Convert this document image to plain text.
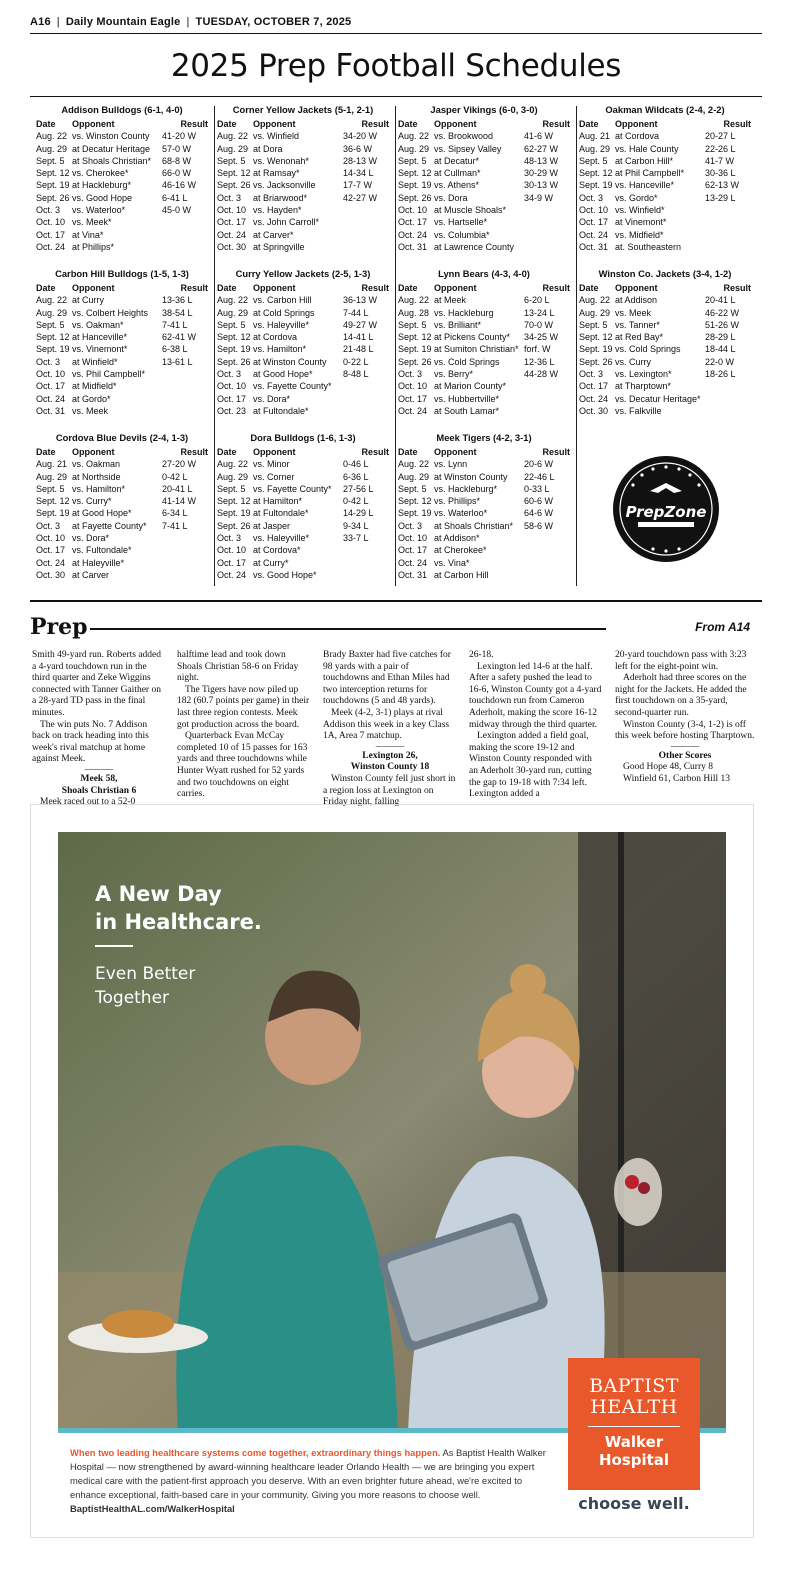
A16 | Daily Mountain Eagle | TUESDAY, OCTOBER 7, 2025
2025 Prep Football Schedules
Addison Bulldogs (6-1, 4-0)
Date	Opponent	Result
Aug. 22 vs. Winston County	41-20 W
Aug. 29 at Decatur Heritage	57-0 W
Sept. 5 at Shoals Christian*	68-8 W
Sept. 12 vs. Cherokee*	66-0 W
Sept. 19 at Hackleburg*	46-16 W
Sept. 26 vs. Good Hope	6-41 L
Oct. 3	vs. Waterloo*	45-0 W
Oct. 10 vs. Meek*
Oct. 17 at Vina*
Oct. 24 at Phillips*
Carbon Hill Bulldogs (1-5, 1-3)
Date	Opponent	Result
Aug. 22 at Curry	13-36 L
Aug. 29 vs. Colbert Heights	38-54 L
Sept. 5 vs. Oakman*	7-41 L
Sept. 12 at Hanceville*	62-41 W
Sept. 19 vs. Vinemont*	6-38 L
Oct. 3	at Winfield*	13-61 L
Oct. 10 vs. Phil Campbell*
Oct. 17 at Midfield*
Oct. 24 at Gordo*
Oct. 31 vs. Meek
Cordova Blue Devils (2-4, 1-3)
Date	Opponent	Result
Aug. 21 vs. Oakman	27-20 W
Aug. 29 at Northside	0-42 L
Sept. 5 vs. Hamilton*	20-41 L
Sept. 12 vs. Curry*	41-14 W
Sept. 19 at Good Hope*	6-34 L
Oct. 3	at Fayette County*	7-41 L
Oct. 10 vs. Dora*
Oct. 17 vs. Fultondale*
Oct. 24 at Haleyville*
Oct. 30 at Carver
Corner Yellow Jackets (5-1, 2-1)
Date	Opponent	Result
Aug. 22 vs. Winfield	34-20 W
Aug. 29 at Dora	36-6 W
Sept. 5 vs. Wenonah*	28-13 W
Sept. 12 at Ramsay*	14-34 L
Sept. 26 vs. Jacksonville	17-7 W
Oct. 3	at Briarwood*	42-27 W
Oct. 10 vs. Hayden*
Oct. 17 vs. John Carroll*
Oct. 24 at Carver*
Oct. 30 at Springville
Curry Yellow Jackets (2-5, 1-3)
Date	Opponent	Result
Aug. 22 vs. Carbon Hill	36-13 W
Aug. 29 at Cold Springs	7-44 L
Sept. 5 vs. Haleyville*	49-27 W
Sept. 12 at Cordova	14-41 L
Sept. 19 vs. Hamilton*	21-48 L
Sept. 26 at Winston County	0-22 L
Oct. 3	at Good Hope*	8-48 L
Oct. 10 vs. Fayette County*
Oct. 17 vs. Dora*
Oct. 23 at Fultondale*
Dora Bulldogs (1-6, 1-3)
Date	Opponent	Result
Aug. 22 vs. Minor	0-46 L
Aug. 29 vs. Corner	6-36 L
Sept. 5 vs. Fayette County*	27-56 L
Sept. 12 at Hamilton*	0-42 L
Sept. 19 at Fultondale*	14-29 L
Sept. 26 at Jasper	9-34 L
Oct. 3	vs. Haleyville*	33-7 L
Oct. 10 at Cordova*
Oct. 17 at Curry*
Oct. 24 vs. Good Hope*
Jasper Vikings (6-0, 3-0)
Date	Opponent	Result
Aug. 22 vs. Brookwood	41-6 W
Aug. 29 vs. Sipsey Valley	62-27 W
Sept. 5 at Decatur*	48-13 W
Sept. 12 at Cullman*	30-29 W
Sept. 19 vs. Athens*	30-13 W
Sept. 26 vs. Dora	34-9 W
Oct. 10 at Muscle Shoals*
Oct. 17 vs. Hartselle*
Oct. 24 vs. Columbia*
Oct. 31 at Lawrence County
Lynn Bears (4-3, 4-0)
Date	Opponent	Result
Aug. 22 at Meek	6-20 L
Aug. 28 vs. Hackleburg	13-24 L
Sept. 5 vs. Brilliant*	70-0 W
Sept. 12 at Pickens County*	34-25 W
Sept. 19 at Sumiton Christian* forf. W
Sept. 26 vs. Cold Springs	12-36 L
Oct. 3	vs. Berry*	44-28 W
Oct. 10 at Marion County*
Oct. 17 vs. Hubbertville*
Oct. 24 at South Lamar*
Meek Tigers (4-2, 3-1)
Date	Opponent	Result
Aug. 22 vs. Lynn	20-6 W
Aug. 29 at Winston County	22-46 L
Sept. 5 vs. Hackleburg*	0-33 L
Sept. 12 vs. Phillips*	60-6 W
Sept. 19 vs. Waterloo*	64-6 W
Oct. 3	at Shoals Christian*	58-6 W
Oct. 10 at Addison*
Oct. 17 at Cherokee*
Oct. 24 vs. Vina*
Oct. 31 at Carbon Hill
Oakman Wildcats (2-4, 2-2)
Date	Opponent	Result
Aug. 21 at Cordova	20-27 L
Aug. 29 vs. Hale County	22-26 L
Sept. 5 at Carbon Hill*	41-7 W
Sept. 12 at Phil Campbell*	30-36 L
Sept. 19 vs. Hanceville*	62-13 W
Oct. 3	vs. Gordo*	13-29 L
Oct. 10 vs. Winfield*
Oct. 17 at Vinemont*
Oct. 24 vs. Midfield*
Oct. 31 at. Southeastern
Winston Co. Jackets (3-4, 1-2)
Date	Opponent	Result
Aug. 22 at Addison	20-41 L
Aug. 29 vs. Meek	46-22 W
Sept. 5 vs. Tanner*	51-26 W
Sept. 12 at Red Bay*	28-29 L
Sept. 19 vs. Cold Springs	18-44 L
Sept. 26 vs. Curry	22-0 W
Oct. 3	vs. Lexington*	18-26 L
Oct. 17 at Tharptown*
Oct. 24 vs. Decatur Heritage*
Oct. 30 vs. Falkville
PrepZone
Prep	From A14

Smith 49-yard run. Roberts added a 4-yard touchdown run in the third quarter and Zeke Wiggins connected with Tanner Gaither on a 28-yard TD pass in the final minutes.

The win puts No. 7 Addison back on track heading into this week's rival matchup at home against Meek.

———

Meek 58,

Shoals Christian 6

Meek raced out to a 52-0

halftime lead and took down Shoals Christian 58-6 on Friday night.

The Tigers have now piled up 182 (60.7 points per game) in their last three region contests. Meek got production across the board.

Quarterback Evan McCay completed 10 of 15 passes for 163 yards and three touchdowns while Hunter Wyatt rushed for 52 yards and two touchdowns on eight carries.

Brady Baxter had five catches for 98 yards with a pair of touchdowns and Ethan Miles had two interception returns for touchdowns (5 and 48 yards).

Meek (4-2, 3-1) plays at rival Addison this week in a key Class 1A, Area 7 matchup.

———

Lexington 26,

Winston County 18

Winston County fell just short in a region loss at Lexington on Friday night, falling

26-18.

Lexington led 14-6 at the half. After a safety pushed the lead to 16-6, Winston County got a 4-yard touchdown run from Cameron Aderholt, making the score 16-12 midway through the third quarter.

Lexington added a field goal, making the score 19-12 and Winston County responded with an Aderholt 30-yard run, cutting the gap to 19-18 with 7:34 left. Lexington added a

20-yard touchdown pass with 3:23 left for the eight-point win.

Aderholt had three scores on the night for the Jackets. He added the first touchdown on a 35-yard, second-quarter run.

Winston County (3-4, 1-2) is off this week before hosting Tharptown.

———

Other Scores

Good Hope 48, Curry 8

Winfield 61, Carbon Hill 13

A New Day
in Healthcare.
Even Better
Together
BAPTIST
HEALTH
Walker
Hospital
choose well.
When two leading healthcare systems come together, extraordinary things happen. As Baptist Health Walker Hospital — now strengthened by award-winning healthcare leader Orlando Health — we are bringing you expert medical care with the patient-first approach you deserve. With an even brighter future ahead, we're excited to enhance exceptional, faith-based care in your community. Giving you more reasons to choose well. BaptistHealthAL.com/WalkerHospital
